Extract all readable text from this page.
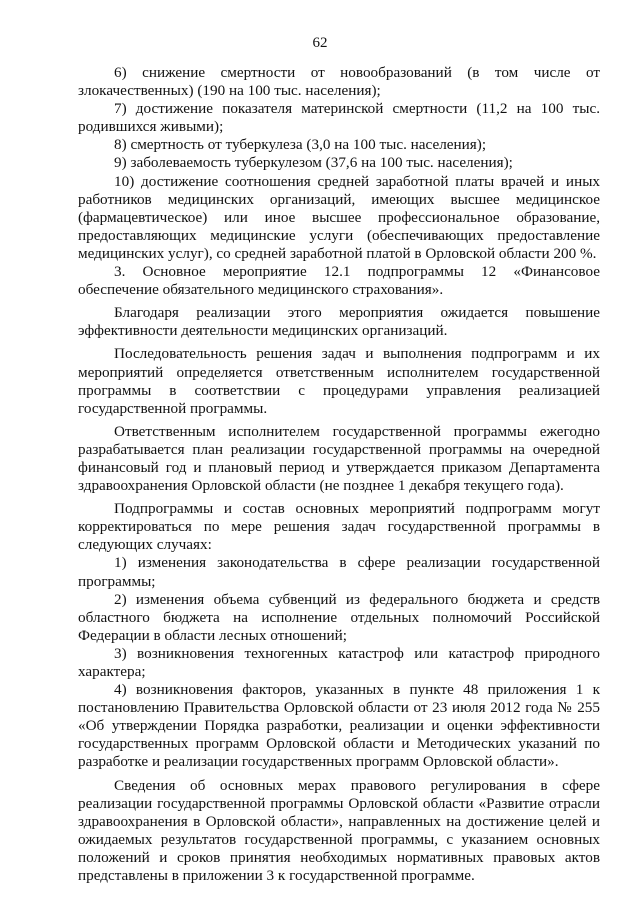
62

6) снижение смертности от новообразований (в том числе от злокачественных) (190 на 100 тыс. населения);

7) достижение показателя материнской смертности (11,2 на 100 тыс. родившихся живыми);

8) смертность от туберкулеза (3,0 на 100 тыс. населения);

9) заболеваемость туберкулезом (37,6 на 100 тыс. населения);

10) достижение соотношения средней заработной платы врачей и иных работников медицинских организаций, имеющих высшее медицинское (фармацевтическое) или иное высшее профессиональное образование, предоставляющих медицинские услуги (обеспечивающих предоставление медицинских услуг), со средней заработной платой в Орловской области 200 %.

3. Основное мероприятие 12.1 подпрограммы 12 «Финансовое обеспечение обязательного медицинского страхования».

Благодаря реализации этого мероприятия ожидается повышение эффективности деятельности медицинских организаций.

Последовательность решения задач и выполнения подпрограмм и их мероприятий определяется ответственным исполнителем государственной программы в соответствии с процедурами управления реализацией государственной программы.

Ответственным исполнителем государственной программы ежегодно разрабатывается план реализации государственной программы на очередной финансовый год и плановый период и утверждается приказом Департамента здравоохранения Орловской области (не позднее 1 декабря текущего года).

Подпрограммы и состав основных мероприятий подпрограмм могут корректироваться по мере решения задач государственной программы в следующих случаях:

1) изменения законодательства в сфере реализации государственной программы;

2) изменения объема субвенций из федерального бюджета и средств областного бюджета на исполнение отдельных полномочий Российской Федерации в области лесных отношений;

3) возникновения техногенных катастроф или катастроф природного характера;

4) возникновения факторов, указанных в пункте 48 приложения 1 к постановлению Правительства Орловской области от 23 июля 2012 года № 255 «Об утверждении Порядка разработки, реализации и оценки эффективности государственных программ Орловской области и Методических указаний по разработке и реализации государственных программ Орловской области».

Сведения об основных мерах правового регулирования в сфере реализации государственной программы Орловской области «Развитие отрасли здравоохранения в Орловской области», направленных на достижение целей и ожидаемых результатов государственной программы, с указанием основных положений и сроков принятия необходимых нормативных правовых актов представлены в приложении 3 к государственной программе.
